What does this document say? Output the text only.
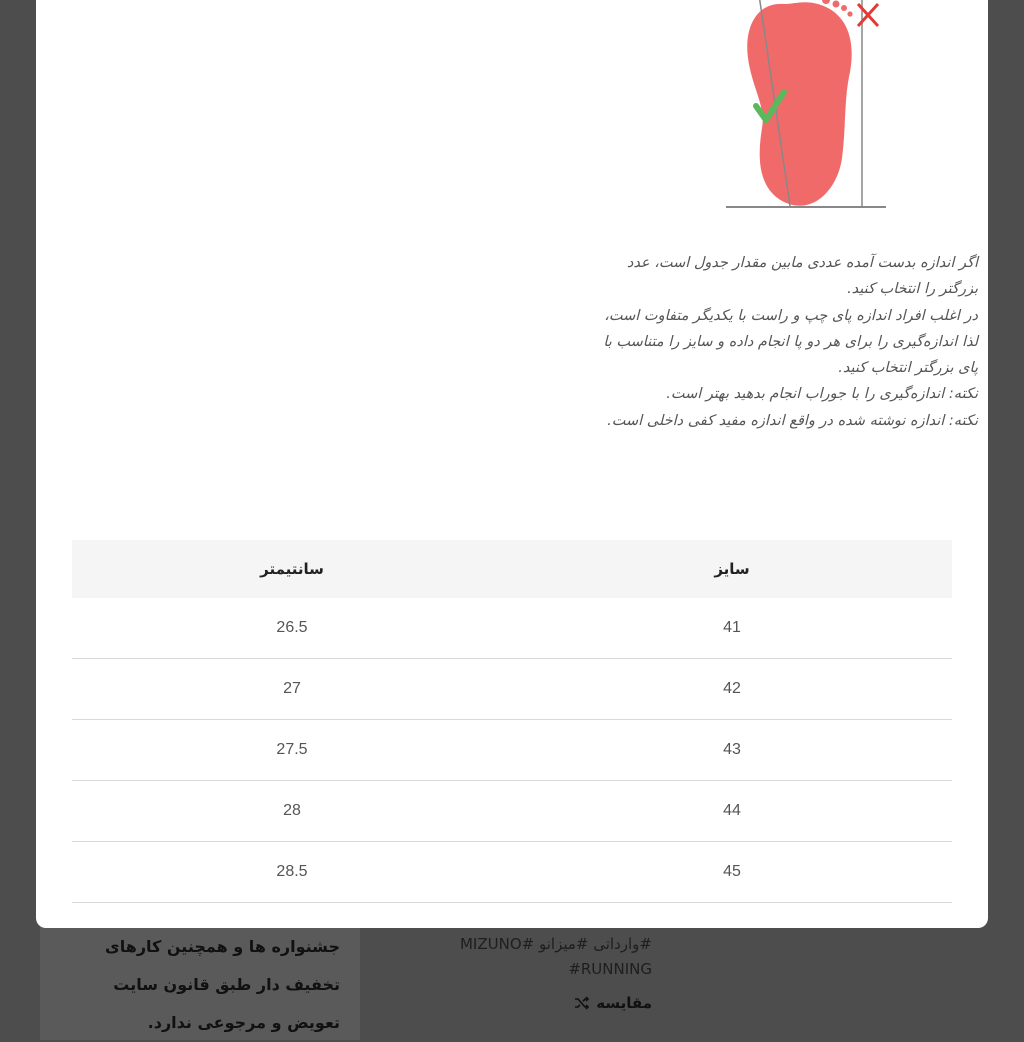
جشنواره ها و همچنین کارهای
تخفیف دار طبق قانون سایت
تعویض و مرجوعی ندارد.
#وارداتی #میزانو #MIZUNO #RUNNING
مقایسه

اگر اندازه بدست آمده عددی مابین مقدار جدول است، عدد بزرگتر را انتخاب کنید.

در اغلب افراد اندازه پای چپ و راست با یکدیگر متفاوت است، لذا اندازه‌گیری را برای هر دو پا انجام داده و سایز را متناسب با پای بزرگتر انتخاب کنید.

نکته: اندازه‌گیری را با جوراب انجام بدهید بهتر است.

نکته: اندازه نوشته شده در واقع اندازه مفید کفی داخلی است.

سایز	سانتیمتر
41	26.5
42	27
43	27.5
44	28
45	28.5
